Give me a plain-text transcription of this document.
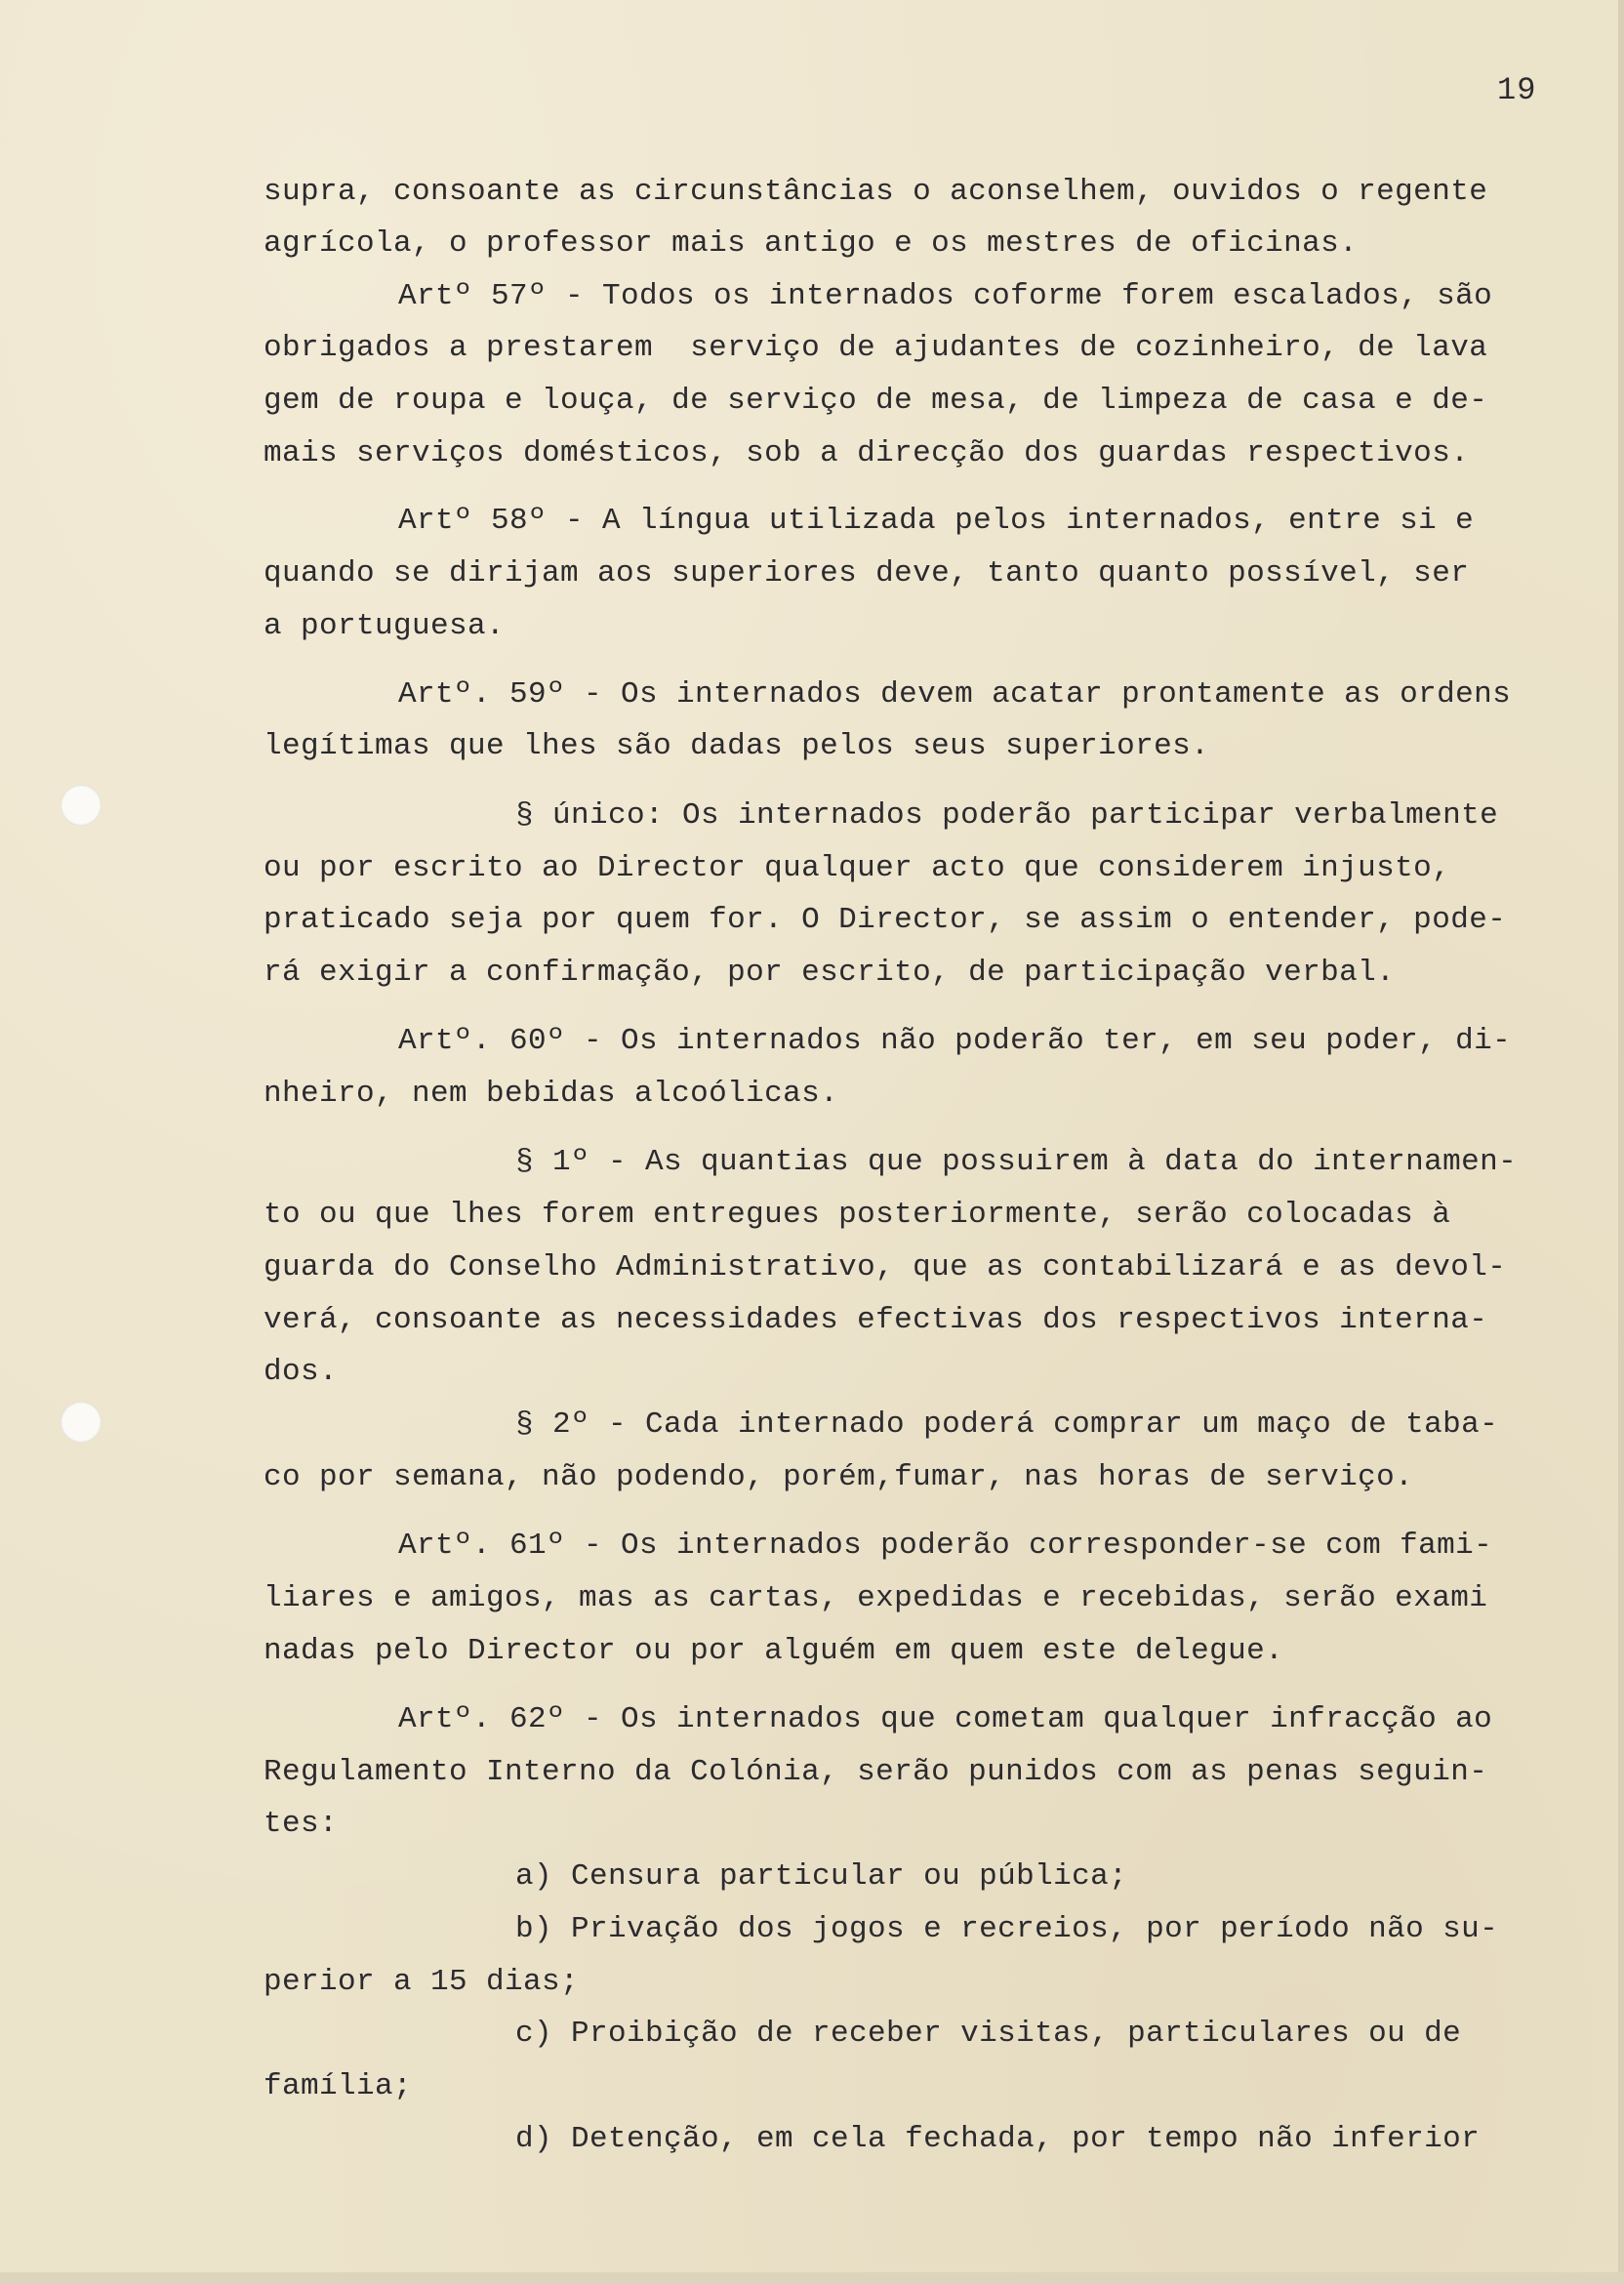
19
supra, consoante as circunstâncias o aconselhem, ouvidos o regente
agrícola, o professor mais antigo e os mestres de oficinas.
Artº 57º - Todos os internados coforme forem escalados, são
obrigados a prestarem  serviço de ajudantes de cozinheiro, de lava
gem de roupa e louça, de serviço de mesa, de limpeza de casa e de-
mais serviços domésticos, sob a direcção dos guardas respectivos.
Artº 58º - A língua utilizada pelos internados, entre si e
quando se dirijam aos superiores deve, tanto quanto possível, ser
a portuguesa.
Artº. 59º - Os internados devem acatar prontamente as ordens
legítimas que lhes são dadas pelos seus superiores.
§ único: Os internados poderão participar verbalmente
ou por escrito ao Director qualquer acto que considerem injusto,
praticado seja por quem for. O Director, se assim o entender, pode-
rá exigir a confirmação, por escrito, de participação verbal.
Artº. 60º - Os internados não poderão ter, em seu poder, di-
nheiro, nem bebidas alcoólicas.
§ 1º - As quantias que possuirem à data do internamen-
to ou que lhes forem entregues posteriormente, serão colocadas à
guarda do Conselho Administrativo, que as contabilizará e as devol-
verá, consoante as necessidades efectivas dos respectivos interna-
dos.
§ 2º - Cada internado poderá comprar um maço de taba-
co por semana, não podendo, porém,fumar, nas horas de serviço.
Artº. 61º - Os internados poderão corresponder-se com fami-
liares e amigos, mas as cartas, expedidas e recebidas, serão exami
nadas pelo Director ou por alguém em quem este delegue.
Artº. 62º - Os internados que cometam qualquer infracção ao
Regulamento Interno da Colónia, serão punidos com as penas seguin-
tes:
a) Censura particular ou pública;
b) Privação dos jogos e recreios, por período não su-
perior a 15 dias;
c) Proibição de receber visitas, particulares ou de
família;
d) Detenção, em cela fechada, por tempo não inferior
